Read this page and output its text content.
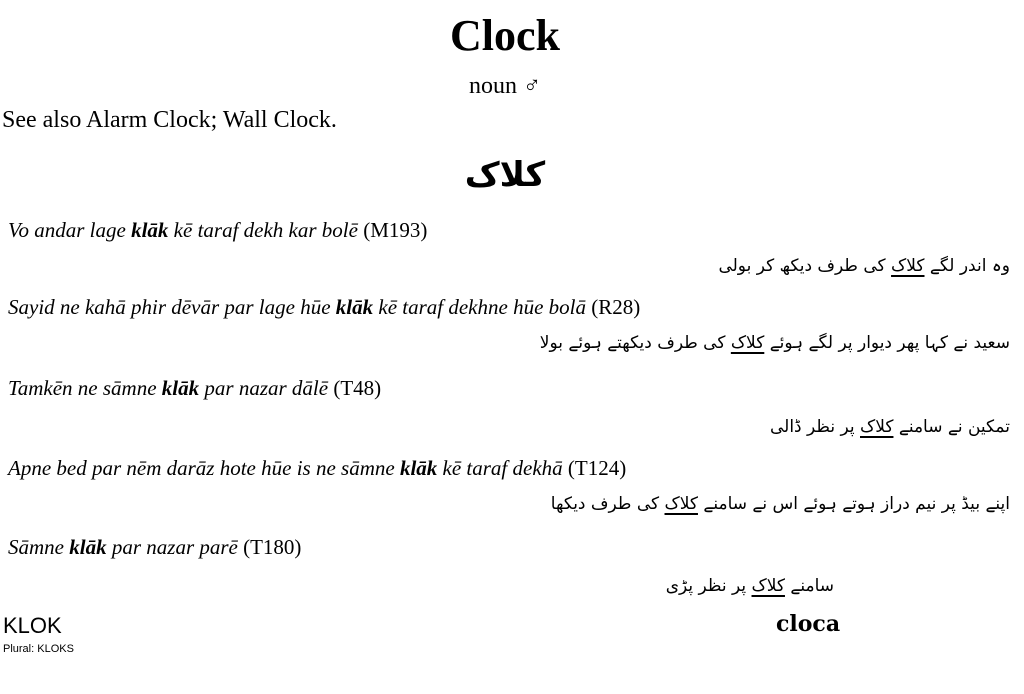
Clock
noun ♂
See also Alarm Clock; Wall Clock.
کلاک
Vo andar lage klāk kē taraf dekh kar bolē (M193)
وہ اندر لگے کلاک کی طرف دیکھ کر بولی
Sayid ne kahā phir dēvār par lage hūe klāk kē taraf dekhne hūe bolā (R28)
سعید نے کہا پھر دیوار پر لگے ہوئے کلاک کی طرف دیکھتے ہوئے بولا
Tamkēn ne sāmne klāk par nazar dālē (T48)
تمکین نے سامنے کلاک پر نظر ڈالی
Apne bed par nēm darāz hote hūe is ne sāmne klāk kē taraf dekhā (T124)
اپنے بیڈ پر نیم دراز ہوتے ہوئے اس نے سامنے کلاک کی طرف دیکھا
Sāmne klāk par nazar parē (T180)
سامنے کلاک پر نظر پڑی
KLOK
Plural: KLOKS
cloca
